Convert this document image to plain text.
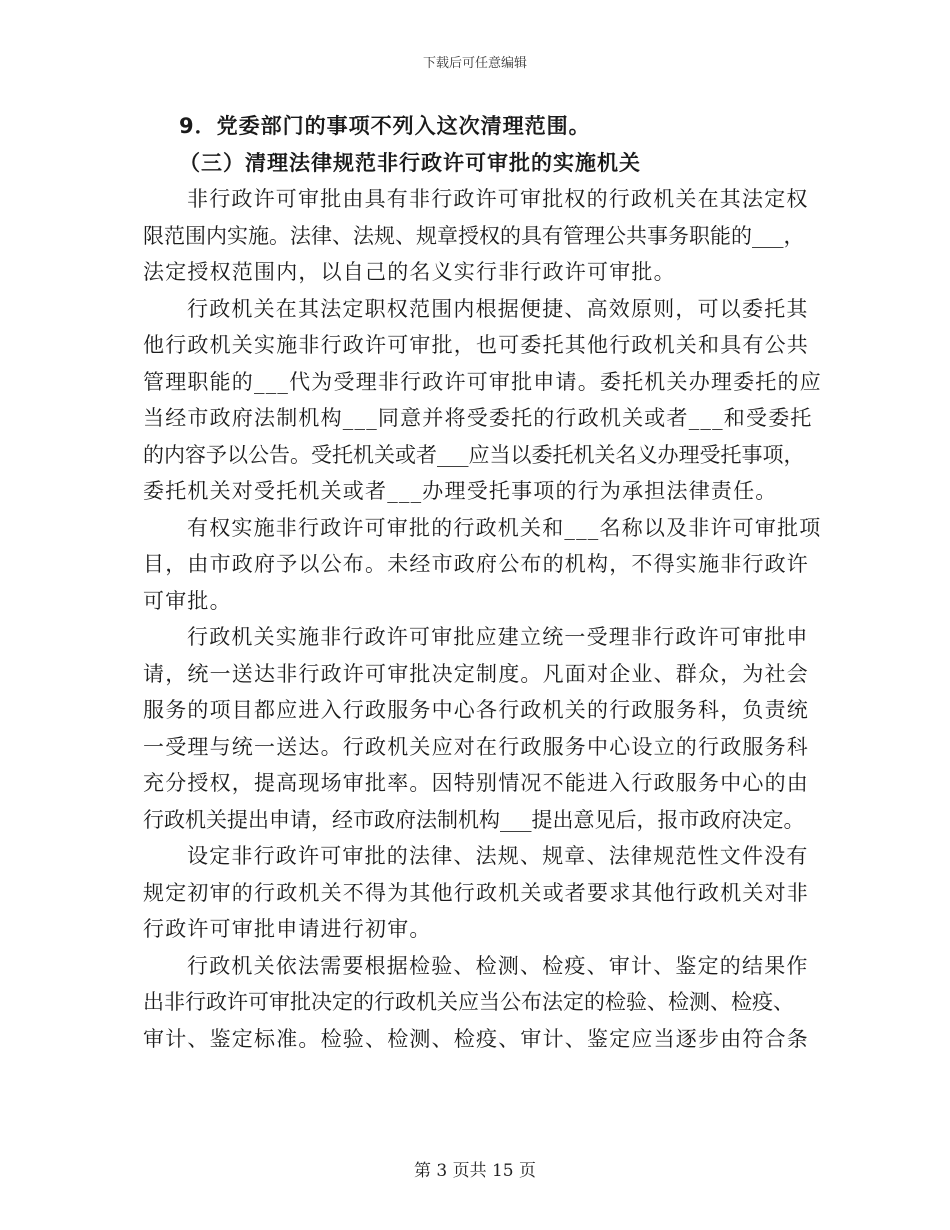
下载后可任意编辑
9．党委部门的事项不列入这次清理范围。
（三）清理法律规范非行政许可审批的实施机关
非行政许可审批由具有非行政许可审批权的行政机关在其法定权
限范围内实施。法律、法规、规章授权的具有管理公共事务职能的___，
法定授权范围内，以自己的名义实行非行政许可审批。
行政机关在其法定职权范围内根据便捷、高效原则，可以委托其
他行政机关实施非行政许可审批，也可委托其他行政机关和具有公共
管理职能的___代为受理非行政许可审批申请。委托机关办理委托的应
当经市政府法制机构___同意并将受委托的行政机关或者___和受委托
的内容予以公告。受托机关或者___应当以委托机关名义办理受托事项，
委托机关对受托机关或者___办理受托事项的行为承担法律责任。
有权实施非行政许可审批的行政机关和___名称以及非许可审批项
目，由市政府予以公布。未经市政府公布的机构，不得实施非行政许
可审批。
行政机关实施非行政许可审批应建立统一受理非行政许可审批申
请，统一送达非行政许可审批决定制度。凡面对企业、群众，为社会
服务的项目都应进入行政服务中心各行政机关的行政服务科，负责统
一受理与统一送达。行政机关应对在行政服务中心设立的行政服务科
充分授权，提高现场审批率。因特别情况不能进入行政服务中心的由
行政机关提出申请，经市政府法制机构___提出意见后，报市政府决定。
设定非行政许可审批的法律、法规、规章、法律规范性文件没有
规定初审的行政机关不得为其他行政机关或者要求其他行政机关对非
行政许可审批申请进行初审。
行政机关依法需要根据检验、检测、检疫、审计、鉴定的结果作
出非行政许可审批决定的行政机关应当公布法定的检验、检测、检疫、
审计、鉴定标准。检验、检测、检疫、审计、鉴定应当逐步由符合条
第 3 页共 15 页
